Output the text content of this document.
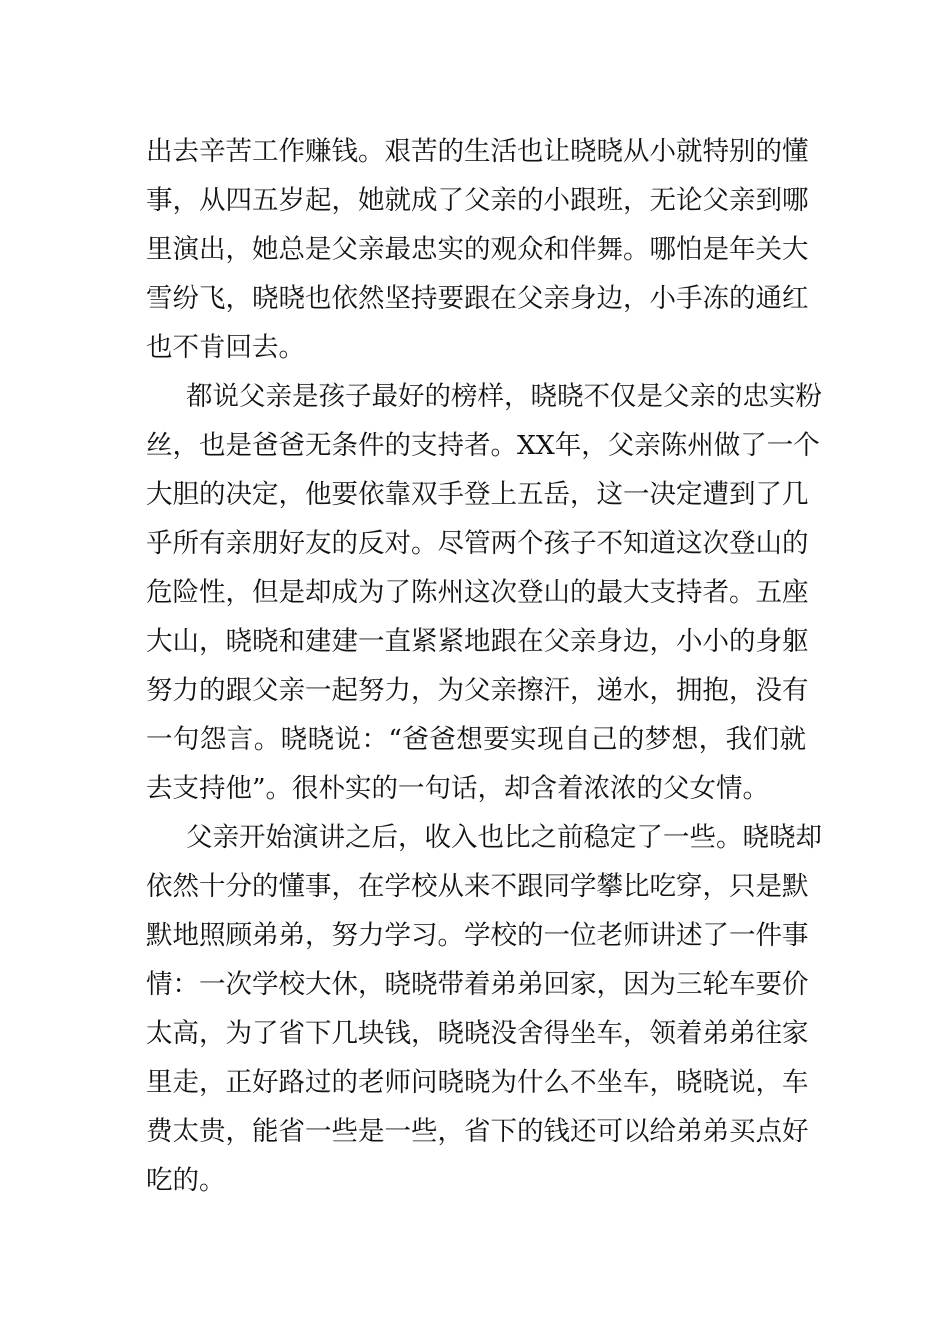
出去辛苦工作赚钱。艰苦的生活也让晓晓从小就特别的懂
事，从四五岁起，她就成了父亲的小跟班，无论父亲到哪
里演出，她总是父亲最忠实的观众和伴舞。哪怕是年关大
雪纷飞，晓晓也依然坚持要跟在父亲身边，小手冻的通红
也不肯回去。
都说父亲是孩子最好的榜样，晓晓不仅是父亲的忠实粉
丝，也是爸爸无条件的支持者。XX年，父亲陈州做了一个
大胆的决定，他要依靠双手登上五岳，这一决定遭到了几
乎所有亲朋好友的反对。尽管两个孩子不知道这次登山的
危险性，但是却成为了陈州这次登山的最大支持者。五座
大山，晓晓和建建一直紧紧地跟在父亲身边，小小的身躯
努力的跟父亲一起努力，为父亲擦汗，递水，拥抱，没有
一句怨言。晓晓说：“爸爸想要实现自己的梦想，我们就
去支持他”。很朴实的一句话，却含着浓浓的父女情。
父亲开始演讲之后，收入也比之前稳定了一些。晓晓却
依然十分的懂事，在学校从来不跟同学攀比吃穿，只是默
默地照顾弟弟，努力学习。学校的一位老师讲述了一件事
情：一次学校大休，晓晓带着弟弟回家，因为三轮车要价
太高，为了省下几块钱，晓晓没舍得坐车，领着弟弟往家
里走，正好路过的老师问晓晓为什么不坐车，晓晓说，车
费太贵，能省一些是一些，省下的钱还可以给弟弟买点好
吃的。
